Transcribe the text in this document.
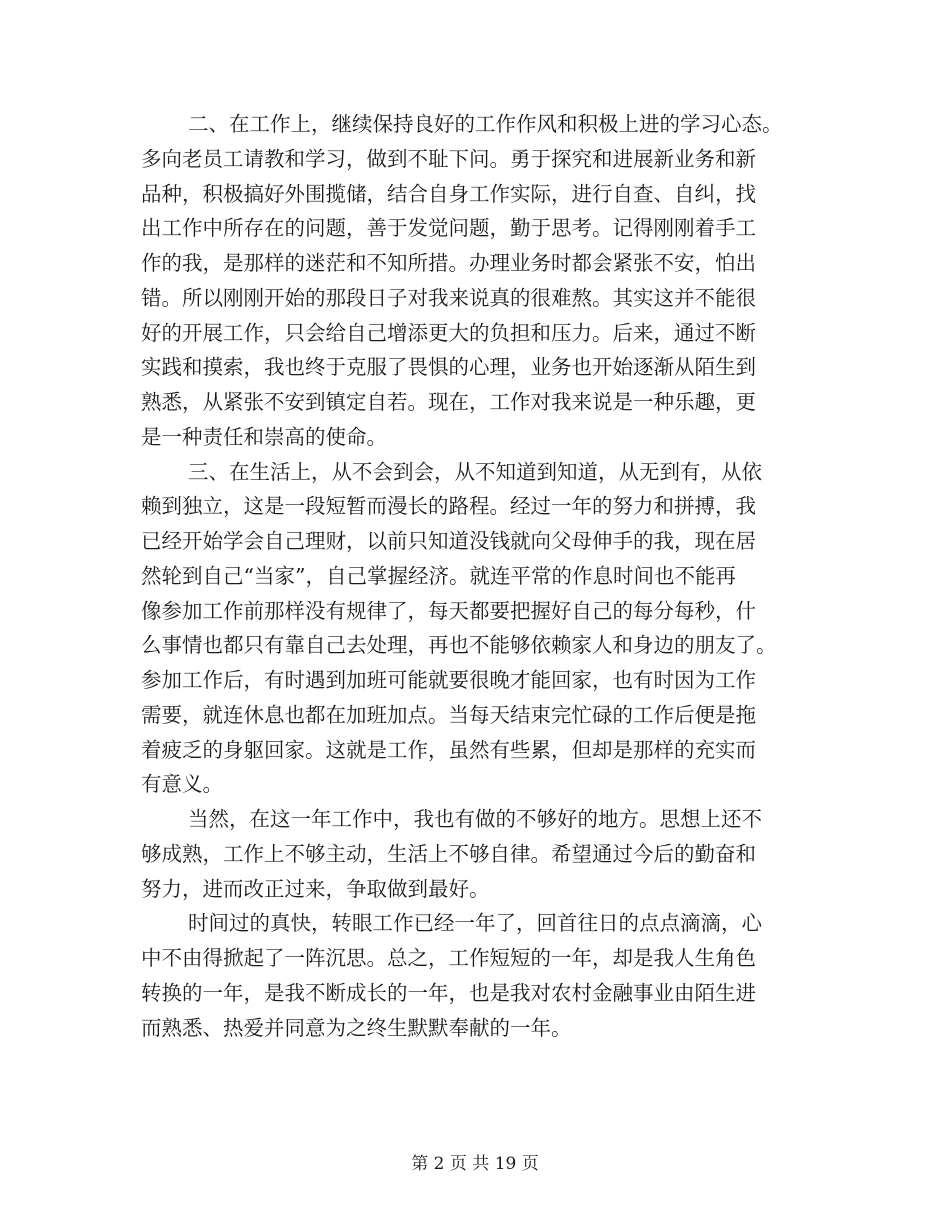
二、在工作上，继续保持良好的工作作风和积极上进的学习心态。
多向老员工请教和学习，做到不耻下问。勇于探究和进展新业务和新
品种，积极搞好外围揽储，结合自身工作实际，进行自查、自纠，找
出工作中所存在的问题，善于发觉问题，勤于思考。记得刚刚着手工
作的我，是那样的迷茫和不知所措。办理业务时都会紧张不安，怕出
错。所以刚刚开始的那段日子对我来说真的很难熬。其实这并不能很
好的开展工作，只会给自己增添更大的负担和压力。后来，通过不断
实践和摸索，我也终于克服了畏惧的心理，业务也开始逐渐从陌生到
熟悉，从紧张不安到镇定自若。现在，工作对我来说是一种乐趣，更
是一种责任和崇高的使命。
三、在生活上，从不会到会，从不知道到知道，从无到有，从依
赖到独立，这是一段短暂而漫长的路程。经过一年的努力和拼搏，我
已经开始学会自己理财，以前只知道没钱就向父母伸手的我，现在居
然轮到自己“当家”，自己掌握经济。就连平常的作息时间也不能再
像参加工作前那样没有规律了，每天都要把握好自己的每分每秒，什
么事情也都只有靠自己去处理，再也不能够依赖家人和身边的朋友了。
参加工作后，有时遇到加班可能就要很晚才能回家，也有时因为工作
需要，就连休息也都在加班加点。当每天结束完忙碌的工作后便是拖
着疲乏的身躯回家。这就是工作，虽然有些累，但却是那样的充实而
有意义。
当然，在这一年工作中，我也有做的不够好的地方。思想上还不
够成熟，工作上不够主动，生活上不够自律。希望通过今后的勤奋和
努力，进而改正过来，争取做到最好。
时间过的真快，转眼工作已经一年了，回首往日的点点滴滴，心
中不由得掀起了一阵沉思。总之，工作短短的一年，却是我人生角色
转换的一年，是我不断成长的一年，也是我对农村金融事业由陌生进
而熟悉、热爱并同意为之终生默默奉献的一年。
第 2 页 共 19 页
